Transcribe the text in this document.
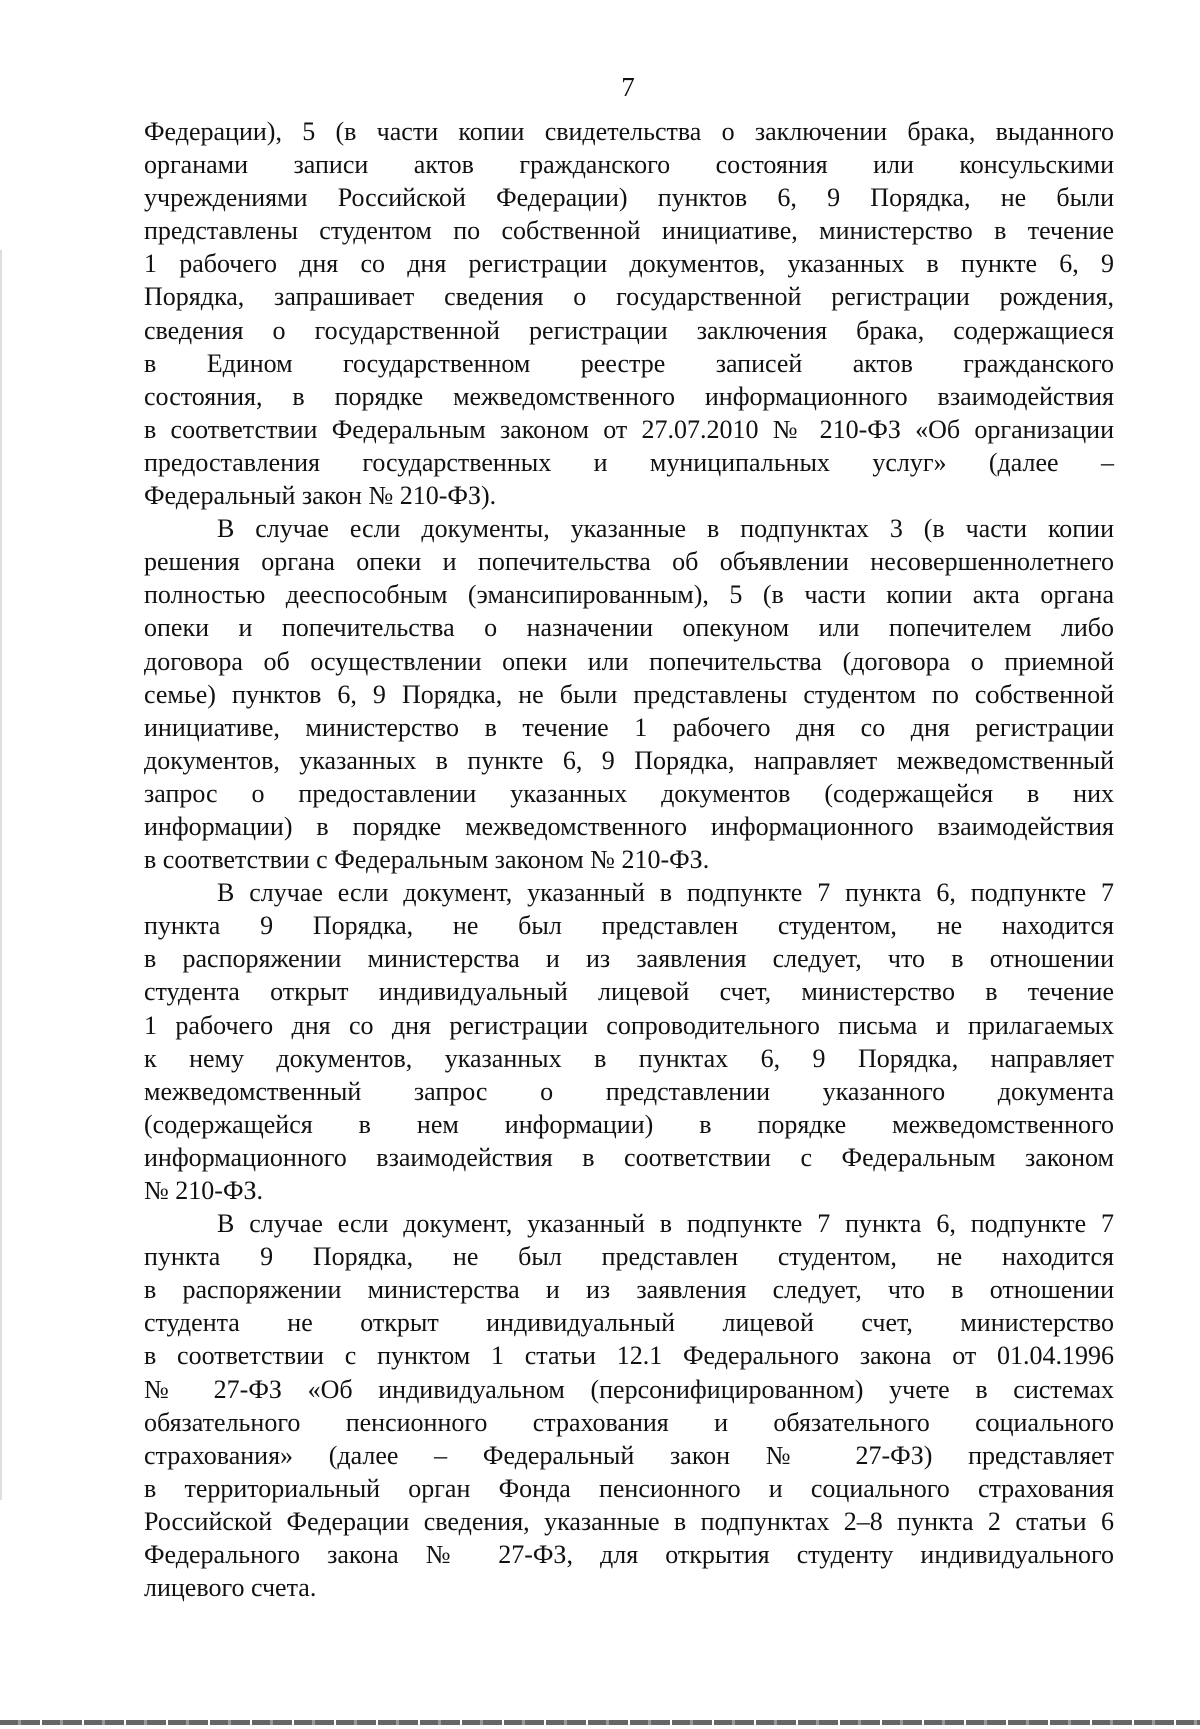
7
Федерации), 5 (в части копии свидетельства о заключении брака, выданного
органами записи актов гражданского состояния или консульскими
учреждениями Российской Федерации) пунктов 6, 9 Порядка, не были
представлены студентом по собственной инициативе, министерство в течение
1 рабочего дня со дня регистрации документов, указанных в пункте 6, 9
Порядка, запрашивает сведения о государственной регистрации рождения,
сведения о государственной регистрации заключения брака, содержащиеся
в Едином государственном реестре записей актов гражданского
состояния, в порядке межведомственного информационного взаимодействия
в соответствии Федеральным законом от 27.07.2010 № 210-ФЗ «Об организации
предоставления государственных и муниципальных услуг» (далее –
Федеральный закон № 210-ФЗ).
В случае если документы, указанные в подпунктах 3 (в части копии
решения органа опеки и попечительства об объявлении несовершеннолетнего
полностью дееспособным (эмансипированным), 5 (в части копии акта органа
опеки и попечительства о назначении опекуном или попечителем либо
договора об осуществлении опеки или попечительства (договора о приемной
семье) пунктов 6, 9 Порядка, не были представлены студентом по собственной
инициативе, министерство в течение 1 рабочего дня со дня регистрации
документов, указанных в пункте 6, 9 Порядка, направляет межведомственный
запрос о предоставлении указанных документов (содержащейся в них
информации) в порядке межведомственного информационного взаимодействия
в соответствии с Федеральным законом № 210-ФЗ.
В случае если документ, указанный в подпункте 7 пункта 6, подпункте 7
пункта 9 Порядка, не был представлен студентом, не находится
в распоряжении министерства и из заявления следует, что в отношении
студента открыт индивидуальный лицевой счет, министерство в течение
1 рабочего дня со дня регистрации сопроводительного письма и прилагаемых
к нему документов, указанных в пунктах 6, 9 Порядка, направляет
межведомственный запрос о представлении указанного документа
(содержащейся в нем информации) в порядке межведомственного
информационного взаимодействия в соответствии с Федеральным законом
№ 210-ФЗ.
В случае если документ, указанный в подпункте 7 пункта 6, подпункте 7
пункта 9 Порядка, не был представлен студентом, не находится
в распоряжении министерства и из заявления следует, что в отношении
студента не открыт индивидуальный лицевой счет, министерство
в соответствии с пунктом 1 статьи 12.1 Федерального закона от 01.04.1996
№ 27-ФЗ «Об индивидуальном (персонифицированном) учете в системах
обязательного пенсионного страхования и обязательного социального
страхования» (далее – Федеральный закон № 27-ФЗ) представляет
в территориальный орган Фонда пенсионного и социального страхования
Российской Федерации сведения, указанные в подпунктах 2–8 пункта 2 статьи 6
Федерального закона № 27-ФЗ, для открытия студенту индивидуального
лицевого счета.
